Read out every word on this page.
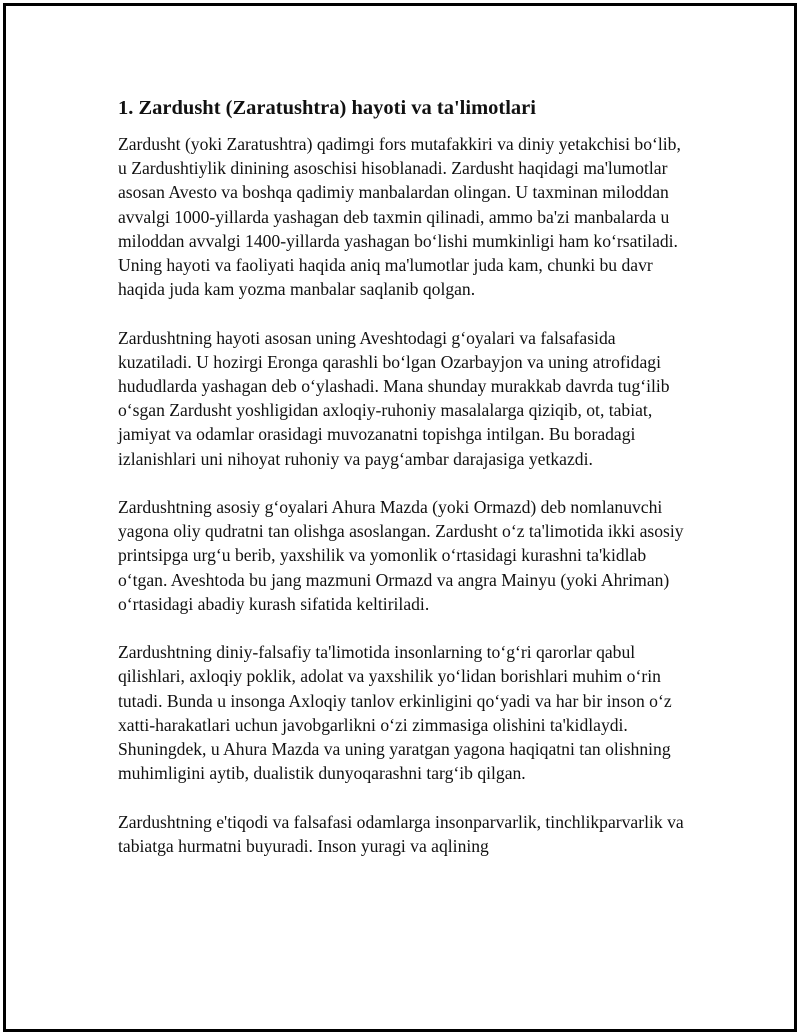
1. Zardusht (Zaratushtra) hayoti va ta'limotlari

Zardusht (yoki Zaratushtra) qadimgi fors mutafakkiri va diniy yetakchisi bo‘lib, u Zardushtiylik dinining asoschisi hisoblanadi. Zardusht haqidagi ma'lumotlar asosan Avesto va boshqa qadimiy manbalardan olingan. U taxminan miloddan avvalgi 1000-yillarda yashagan deb taxmin qilinadi, ammo ba'zi manbalarda u miloddan avvalgi 1400-yillarda yashagan bo‘lishi mumkinligi ham ko‘rsatiladi. Uning hayoti va faoliyati haqida aniq ma'lumotlar juda kam, chunki bu davr haqida juda kam yozma manbalar saqlanib qolgan.

Zardushtning hayoti asosan uning Aveshtodagi g‘oyalari va falsafasida kuzatiladi. U hozirgi Eronga qarashli bo‘lgan Ozarbayjon va uning atrofidagi hududlarda yashagan deb o‘ylashadi. Mana shunday murakkab davrda tug‘ilib o‘sgan Zardusht yoshligidan axloqiy-ruhoniy masalalarga qiziqib, ot, tabiat, jamiyat va odamlar orasidagi muvozanatni topishga intilgan. Bu boradagi izlanishlari uni nihoyat ruhoniy va payg‘ambar darajasiga yetkazdi.

Zardushtning asosiy g‘oyalari Ahura Mazda (yoki Ormazd) deb nomlanuvchi yagona oliy qudratni tan olishga asoslangan. Zardusht o‘z ta'limotida ikki asosiy printsipga urg‘u berib, yaxshilik va yomonlik o‘rtasidagi kurashni ta'kidlab o‘tgan. Aveshtoda bu jang mazmuni Ormazd va angra Mainyu (yoki Ahriman) o‘rtasidagi abadiy kurash sifatida keltiriladi.

Zardushtning diniy-falsafiy ta'limotida insonlarning to‘g‘ri qarorlar qabul qilishlari, axloqiy poklik, adolat va yaxshilik yo‘lidan borishlari muhim o‘rin tutadi. Bunda u insonga Axloqiy tanlov erkinligini qo‘yadi va har bir inson o‘z xatti-harakatlari uchun javobgarlikni o‘zi zimmasiga olishini ta'kidlaydi. Shuningdek, u Ahura Mazda va uning yaratgan yagona haqiqatni tan olishning muhimligini aytib, dualistik dunyoqarashni targ‘ib qilgan.

Zardushtning e'tiqodi va falsafasi odamlarga insonparvarlik, tinchlikparvarlik va tabiatga hurmatni buyuradi. Inson yuragi va aqlining
